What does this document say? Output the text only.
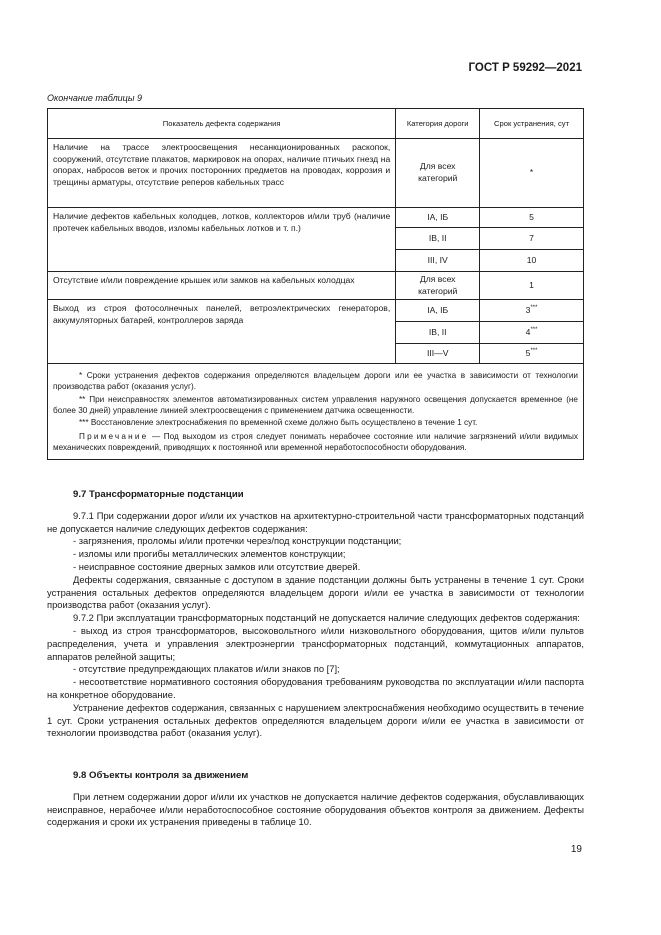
ГОСТ Р 59292—2021
Окончание таблицы 9
Показатель дефекта содержания	Категория дороги	Срок устранения, сут
Наличие на трассе электроосвещения несанкционированных раскопок, сооружений, отсутствие плакатов, маркировок на опорах, наличие птичьих гнезд на опорах, набросов веток и прочих посторонних предметов на проводах, коррозия и трещины арматуры, отсутствие реперов кабельных трасс	Для всех категорий	*
Наличие дефектов кабельных колодцев, лотков, коллекторов и/или труб (наличие протечек кабельных вводов, изломы кабельных лотков и т. п.)	IA, IБ	5
	IB, II	7
	III, IV	10
Отсутствие и/или повреждение крышек или замков на кабельных колодцах	Для всех категорий	1
Выход из строя фотосолнечных панелей, ветроэлектрических генераторов, аккумуляторных батарей, контроллеров заряда	IA, IБ	3***
	IB, II	4***
	III—V	5***

* Сроки устранения дефектов содержания определяются владельцем дороги или ее участка в зависимости от технологии производства работ (оказания услуг).

** При неисправностях элементов автоматизированных систем управления наружного освещения допускается временное (не более 30 дней) управление линией электроосвещения с применением датчика освещенности.

*** Восстановление электроснабжения по временной схеме должно быть осуществлено в течение 1 сут.

Примечание — Под выходом из строя следует понимать нерабочее состояние или наличие загрязнений и/или видимых механических повреждений, приводящих к постоянной или временной неработоспособности оборудования.		

9.7 Трансформаторные подстанции

9.7.1 При содержании дорог и/или их участков на архитектурно-строительной части трансформаторных подстанций не допускается наличие следующих дефектов содержания:

- загрязнения, проломы и/или протечки через/под конструкции подстанции;

- изломы или прогибы металлических элементов конструкции;

- неисправное состояние дверных замков или отсутствие дверей.

Дефекты содержания, связанные с доступом в здание подстанции должны быть устранены в течение 1 сут. Сроки устранения остальных дефектов определяются владельцем дороги и/или ее участка в зависимости от технологии производства работ (оказания услуг).

9.7.2 При эксплуатации трансформаторных подстанций не допускается наличие следующих дефектов содержания:

- выход из строя трансформаторов, высоковольтного и/или низковольтного оборудования, щитов и/или пультов распределения, учета и управления электроэнергии трансформаторных подстанций, коммутационных аппаратов, аппаратов релейной защиты;

- отсутствие предупреждающих плакатов и/или знаков по [7];

- несоответствие нормативного состояния оборудования требованиям руководства по эксплуатации и/или паспорта на конкретное оборудование.

Устранение дефектов содержания, связанных с нарушением электроснабжения необходимо осуществить в течение 1 сут. Сроки устранения остальных дефектов определяются владельцем дороги и/или ее участка в зависимости от технологии производства работ (оказания услуг).

9.8 Объекты контроля за движением

При летнем содержании дорог и/или их участков не допускается наличие дефектов содержания, обуславливающих неисправное, нерабочее и/или неработоспособное состояние оборудования объектов контроля за движением. Дефекты содержания и сроки их устранения приведены в таблице 10.

19
